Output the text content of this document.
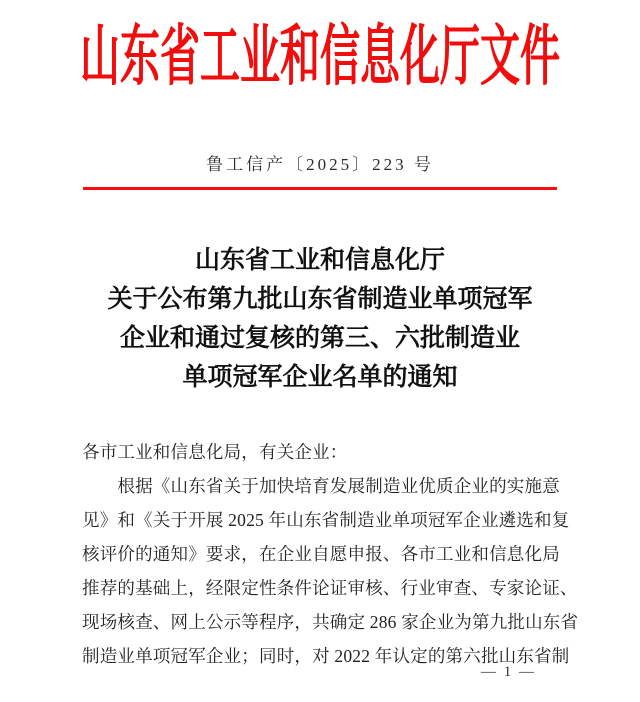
山东省工业和信息化厅文件
鲁工信产〔2025〕223 号
山东省工业和信息化厅
关于公布第九批山东省制造业单项冠军
企业和通过复核的第三、六批制造业
单项冠军企业名单的通知
各市工业和信息化局，有关企业：
　　根据《山东省关于加快培育发展制造业优质企业的实施意
见》和《关于开展 2025 年山东省制造业单项冠军企业遴选和复
核评价的通知》要求，在企业自愿申报、各市工业和信息化局
推荐的基础上，经限定性条件论证审核、行业审查、专家论证、
现场核查、网上公示等程序，共确定 286 家企业为第九批山东省
制造业单项冠军企业；同时，对 2022 年认定的第六批山东省制
— 1 —
